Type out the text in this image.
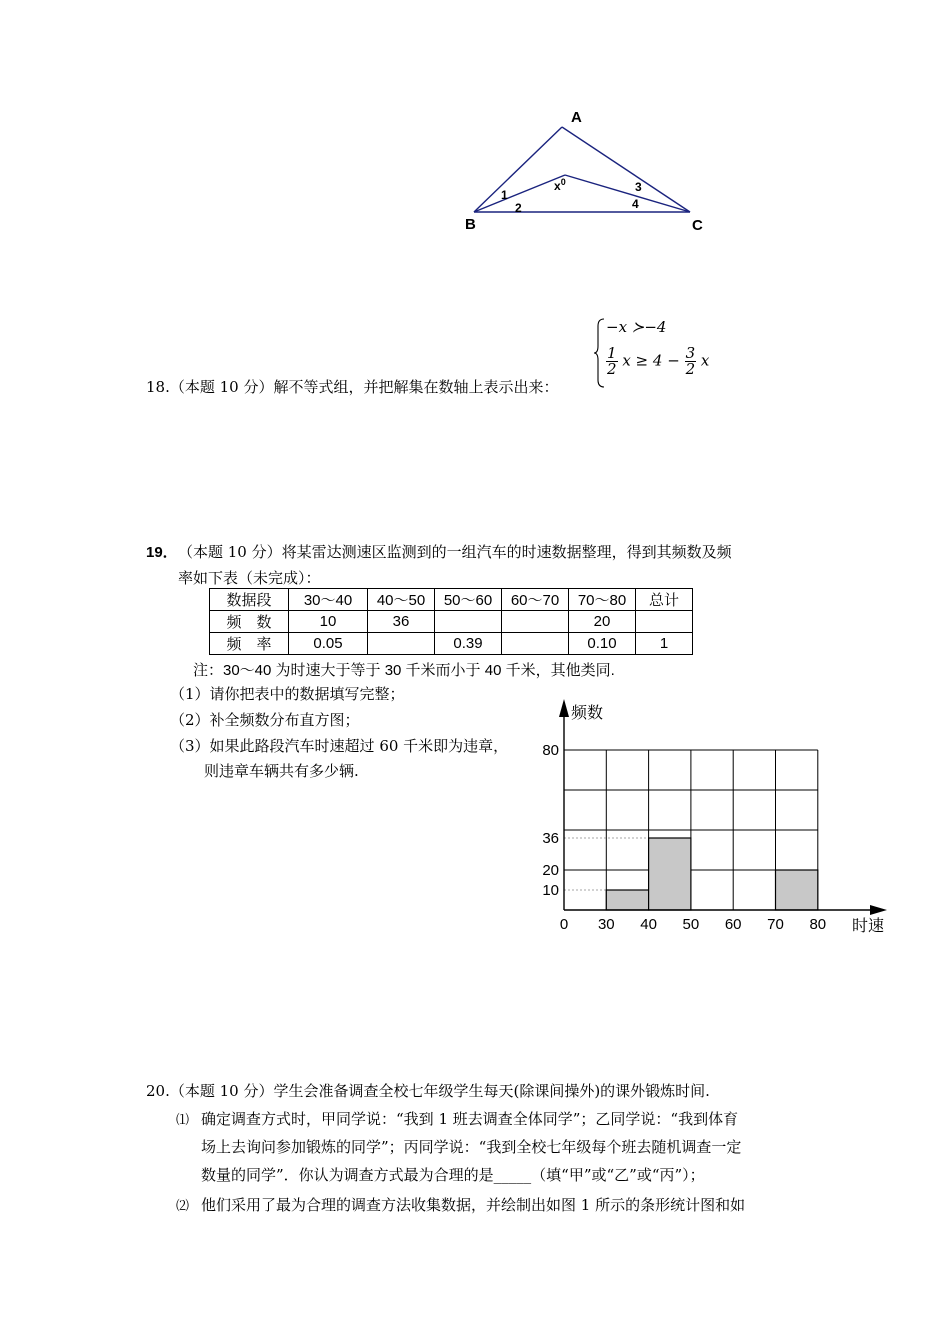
A
B	C
1
2
3
4
$x^0$
18.（本题 10 分）解不等式组，并把解集在数轴上表示出来：
−x ≻−4
$\frac{1}{2}$ $x \ge 4 - \frac{3}{2}$ x
19． （本题 10 分）将某雷达测速区监测到的一组汽车的时速数据整理，得到其频数及频
率如下表（未完成）：
数据段	30～40	40～50	50～60	60～70	70～80	总计
频　数	10	36			20	
频　率	0.05		0.39		0.10	1
注：30～40 为时速大于等于 30 千米而小于 40 千米，其他类同.
（1）请你把表中的数据填写完整；
（2）补全频数分布直方图；
（3）如果此路段汽车时速超过 60 千米即为违章，
则违章车辆共有多少辆.
频数
时速
10
20
36
80
0 30 40 50 60 70 80
20.（本题 10 分）学生会准备调查全校七年级学生每天(除课间操外)的课外锻炼时间.
⑴ 确定调查方式时，甲同学说：“我到 1 班去调查全体同学”；乙同学说：“我到体育
场上去询问参加锻炼的同学”；丙同学说：“我到全校七年级每个班去随机调查一定
数量的同学”．你认为调查方式最为合理的是_____（填“甲”或“乙”或“丙”）；
⑵ 他们采用了最为合理的调查方法收集数据，并绘制出如图 1 所示的条形统计图和如
